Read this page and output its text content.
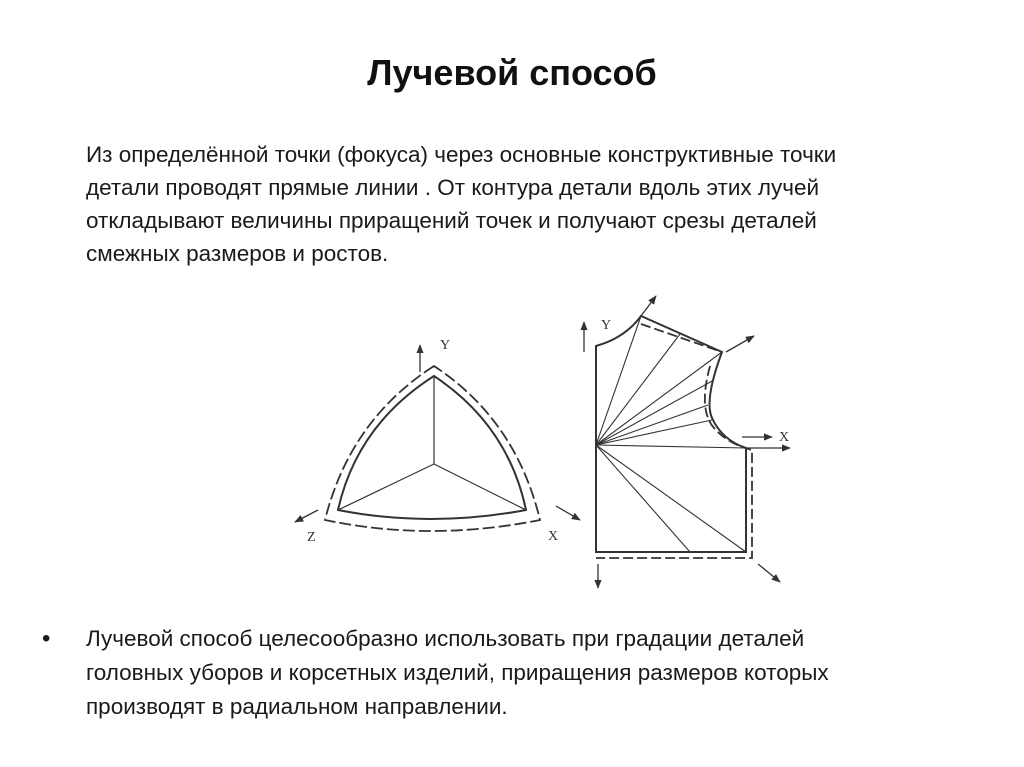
Лучевой способ

Из определённой точки (фокуса) через основные конструктивные точки
детали проводят прямые линии . От контура детали вдоль этих лучей
откладывают величины приращений точек и получают срезы деталей
смежных размеров и ростов.

Y
Z	X
Y
X
• Лучевой способ целесообразно использовать при градации деталей
головных уборов и корсетных изделий, приращения размеров которых
производят в радиальном направлении.
